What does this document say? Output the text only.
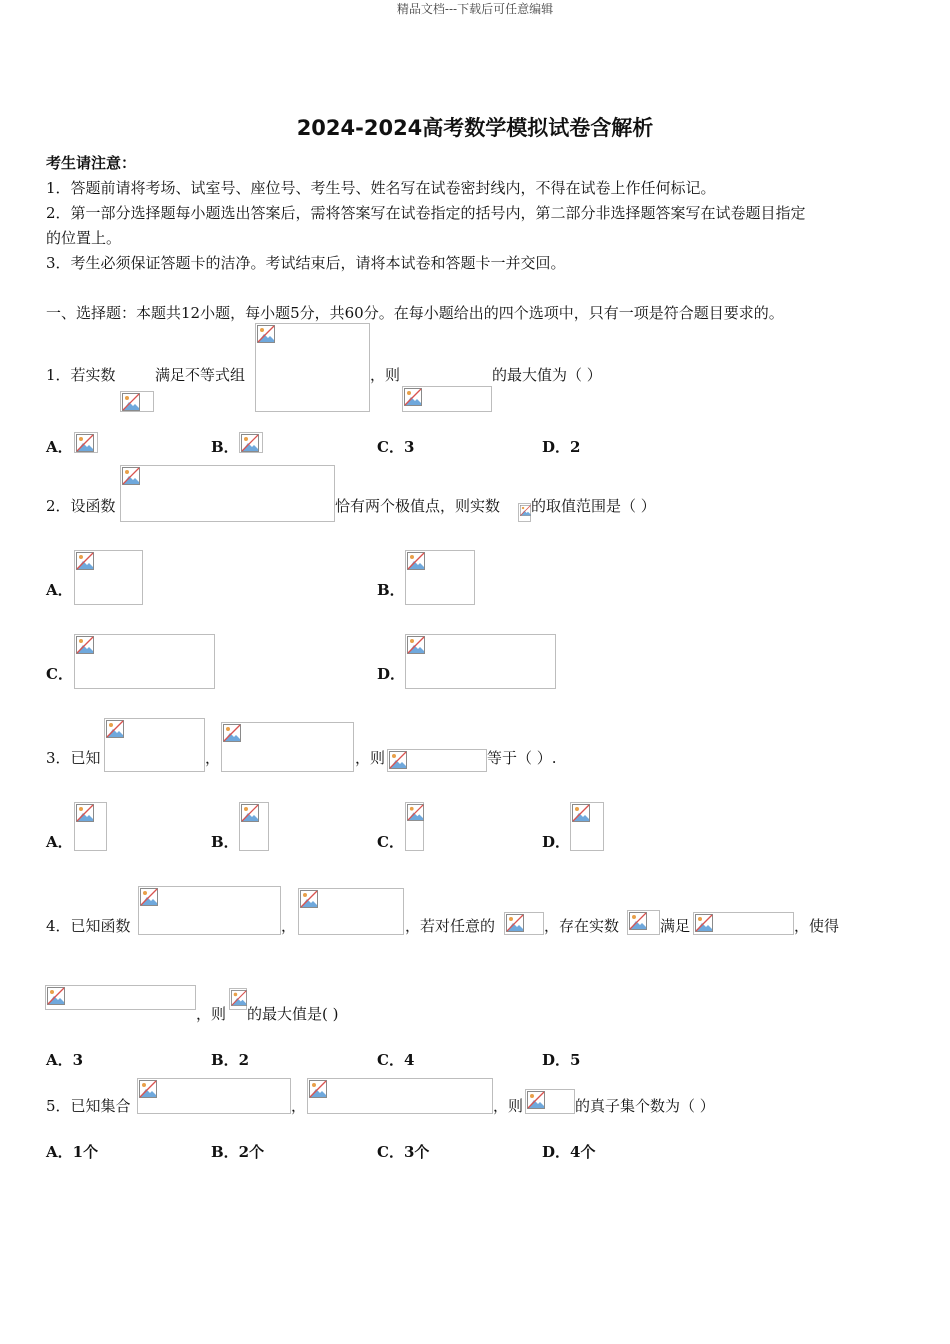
精品文档---下载后可任意编辑
2024-2024高考数学模拟试卷含解析
考生请注意：
1．答题前请将考场、试室号、座位号、考生号、姓名写在试卷密封线内，不得在试卷上作任何标记。
2．第一部分选择题每小题选出答案后，需将答案写在试卷指定的括号内，第二部分非选择题答案写在试卷题目指定
的位置上。
3．考生必须保证答题卡的洁净。考试结束后，请将本试卷和答题卡一并交回。
一、选择题：本题共12小题，每小题5分，共60分。在每小题给出的四个选项中，只有一项是符合题目要求的。
1．若实数	满足不等式组	，则	的最大值为（ ）
A．	B．	C．3	D．2
2．设函数	恰有两个极值点，则实数 的取值范围是（ ）
A．	B．
C．	D．
3．已知	，	，则	等于（ ）.
A．	B．	C．	D．
4．已知函数	，	，若对任意的	，存在实数	满足	，使得
，则 的最大值是( )
A．3	B．2	C．4	D．5
5．已知集合	，	，则	的真子集个数为（ ）
A．1个	B．2个	C．3个	D．4个
